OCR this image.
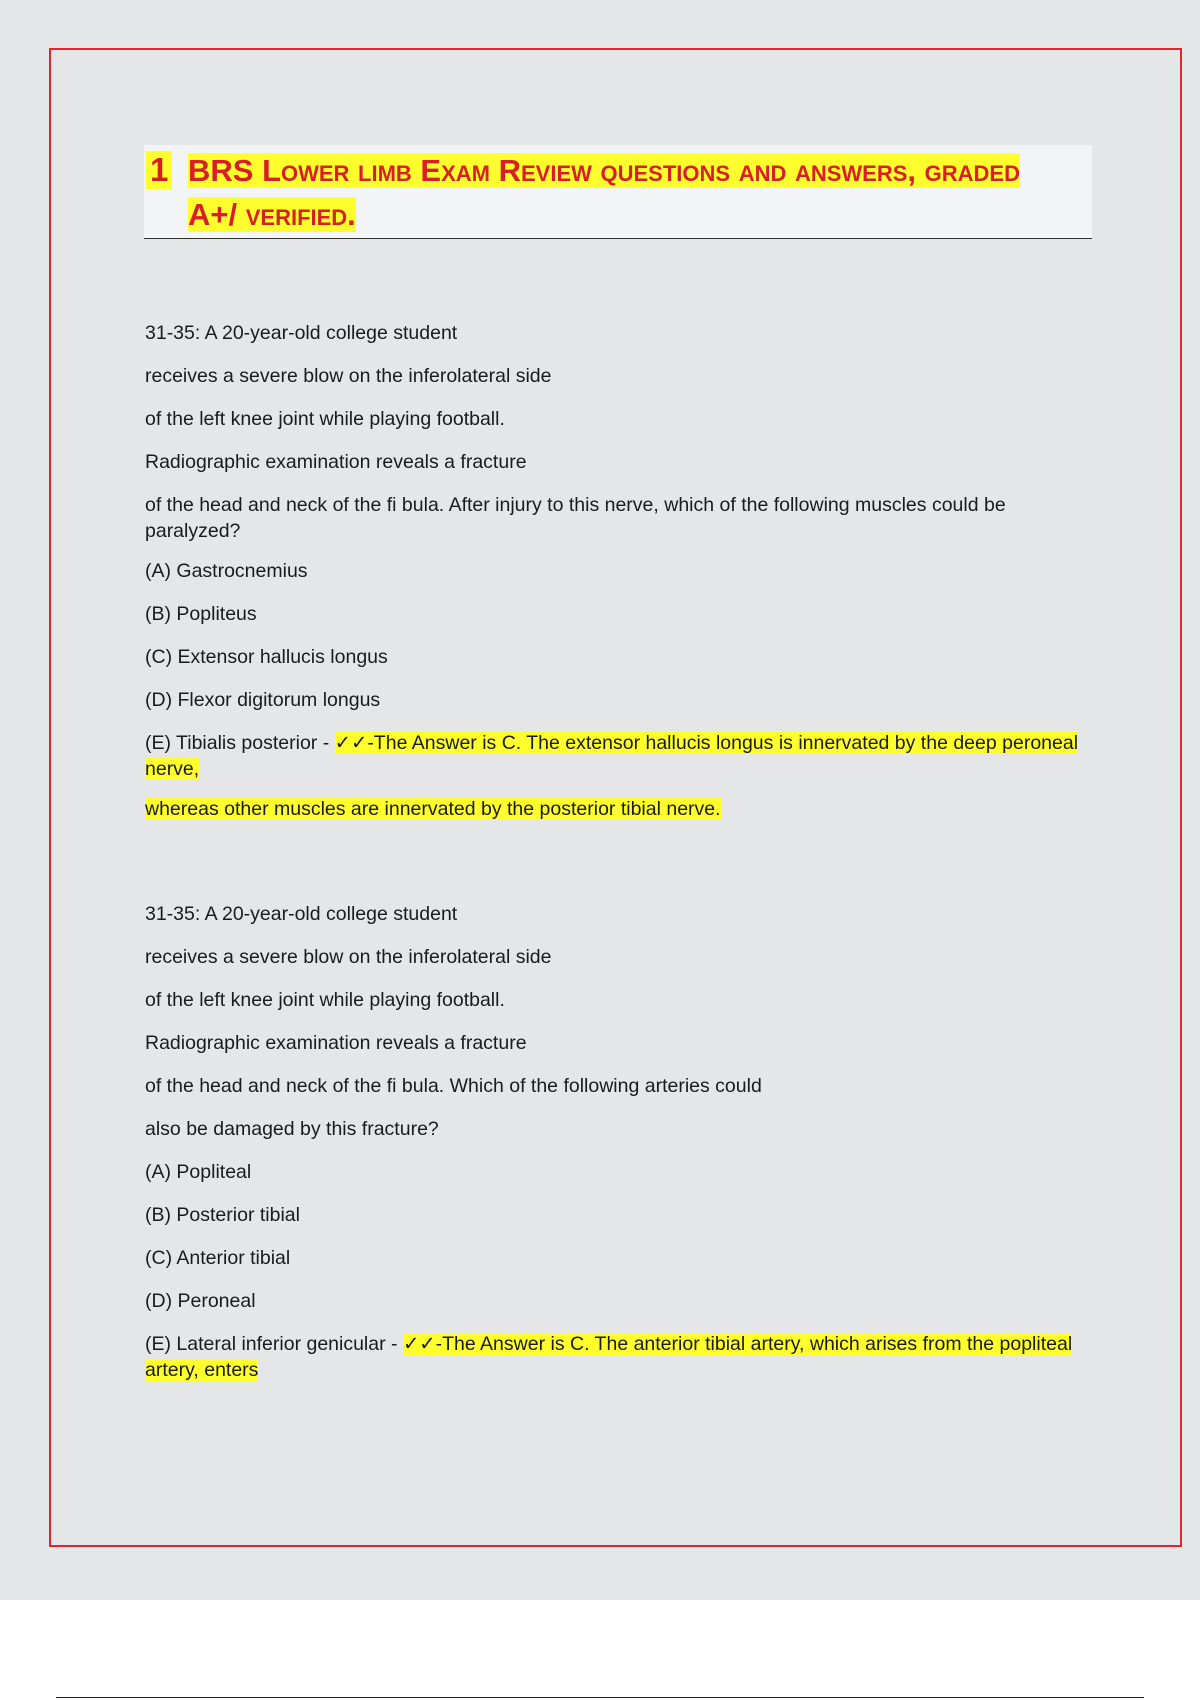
1 BRS Lower limb Exam Review questions and answers, graded A+/ verified.
31-35: A 20-year-old college student
receives a severe blow on the inferolateral side
of the left knee joint while playing football.
Radiographic examination reveals a fracture
of the head and neck of the fi bula. After injury to this nerve, which of the following muscles could be paralyzed?
(A) Gastrocnemius
(B) Popliteus
(C) Extensor hallucis longus
(D) Flexor digitorum longus
(E) Tibialis posterior - ✓✓-The Answer is C. The extensor hallucis longus is innervated by the deep peroneal nerve,
whereas other muscles are innervated by the posterior tibial nerve.
31-35: A 20-year-old college student
receives a severe blow on the inferolateral side
of the left knee joint while playing football.
Radiographic examination reveals a fracture
of the head and neck of the fi bula. Which of the following arteries could
also be damaged by this fracture?
(A) Popliteal
(B) Posterior tibial
(C) Anterior tibial
(D) Peroneal
(E) Lateral inferior genicular - ✓✓-The Answer is C. The anterior tibial artery, which arises from the popliteal artery, enters
